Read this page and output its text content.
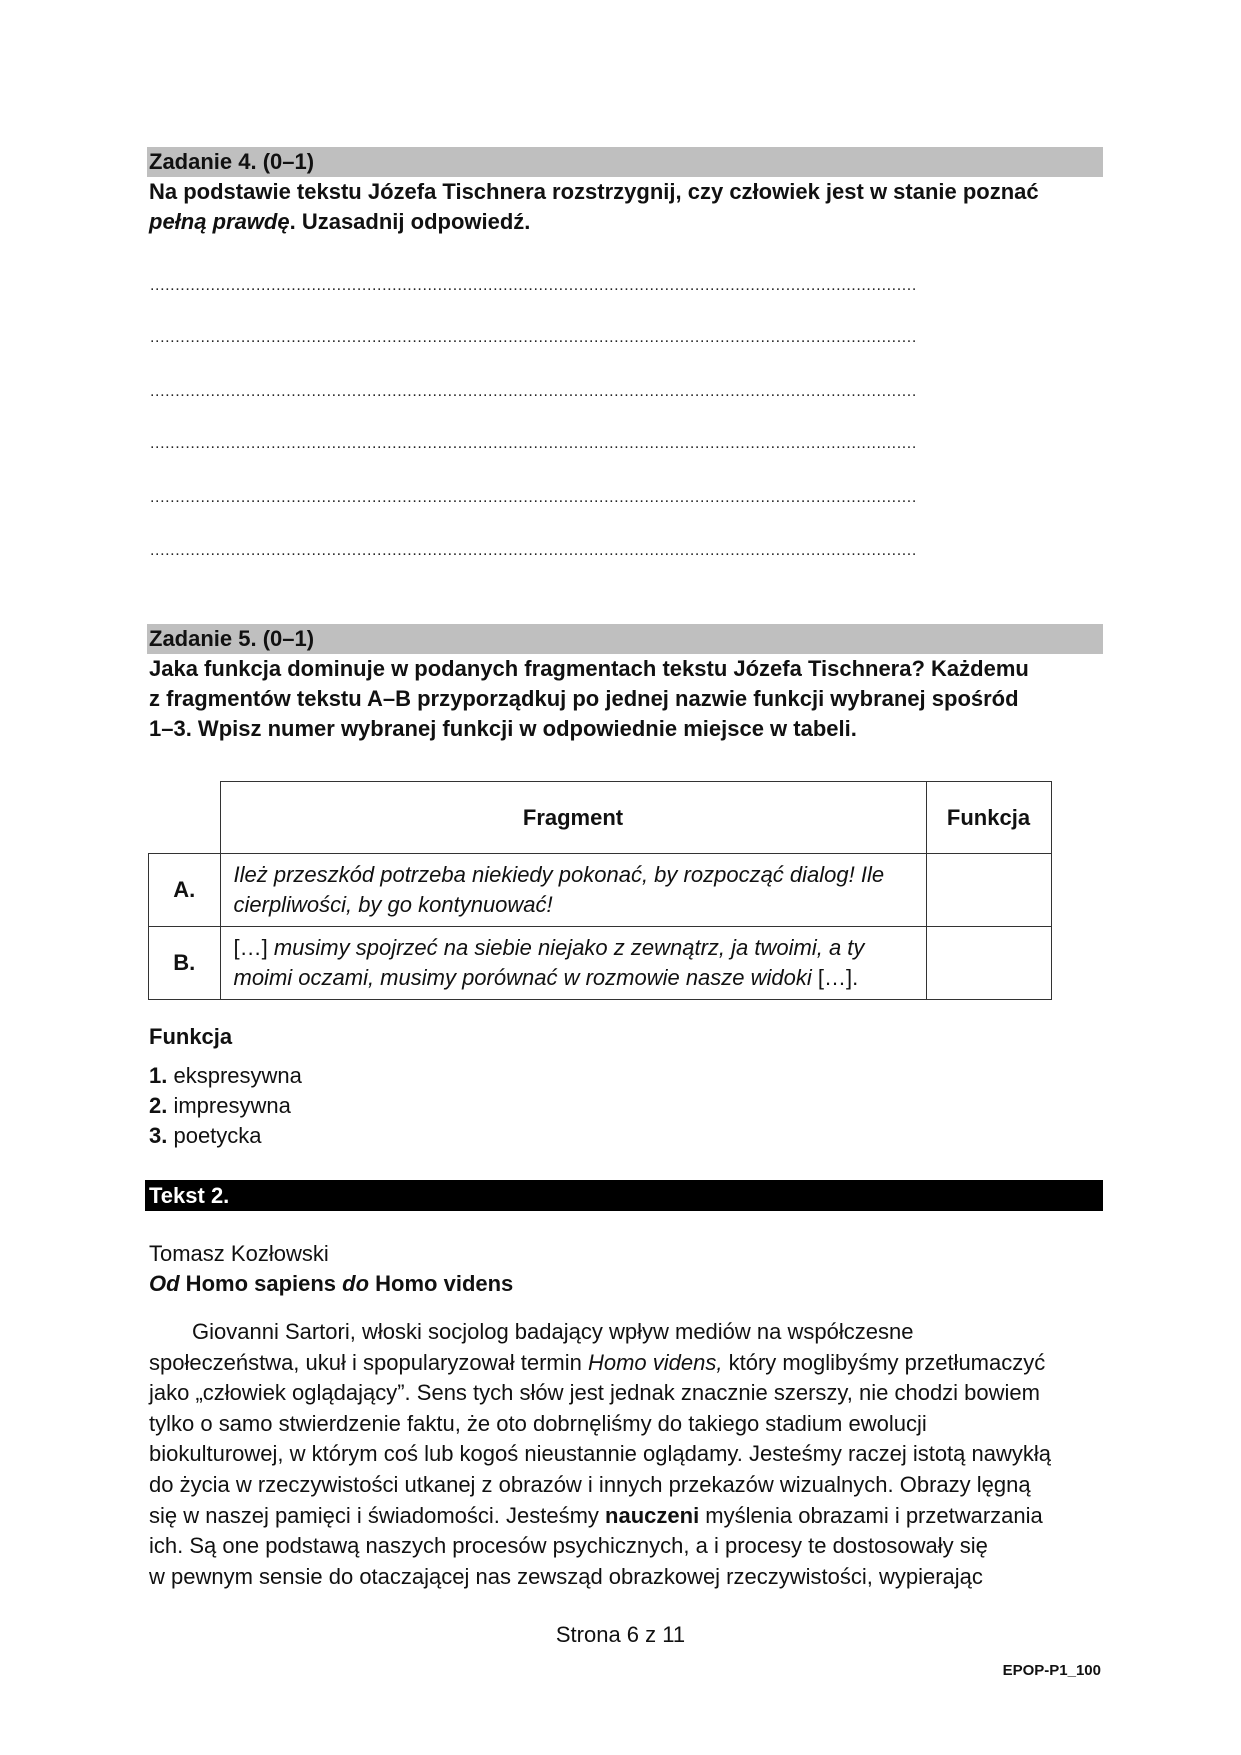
Zadanie 4. (0–1)
Na podstawie tekstu Józefa Tischnera rozstrzygnij, czy człowiek jest w stanie poznać
pełną prawdę. Uzasadnij odpowiedź.
........................................................................................................................................................
........................................................................................................................................................
........................................................................................................................................................
........................................................................................................................................................
........................................................................................................................................................
........................................................................................................................................................
Zadanie 5. (0–1)
Jaka funkcja dominuje w podanych fragmentach tekstu Józefa Tischnera? Każdemu
z fragmentów tekstu A–B przyporządkuj po jednej nazwie funkcji wybranej spośród
1–3. Wpisz numer wybranej funkcji w odpowiednie miejsce w tabeli.
	Fragment	Funkcja
A.	Ileż przeszkód potrzeba niekiedy pokonać, by rozpocząć dialog! Ile
cierpliwości, by go kontynuować!	

B.	[…] musimy spojrzeć na siebie niejako z zewnątrz, ja twoimi, a ty
moimi oczami, musimy porównać w rozmowie nasze widoki […].	

Funkcja
1. ekspresywna
2. impresywna
3. poetycka
Tekst 2.
Tomasz Kozłowski
Od Homo sapiens do Homo videns
Giovanni Sartori, włoski socjolog badający wpływ mediów na współczesne
społeczeństwa, ukuł i spopularyzował termin Homo videns, który moglibyśmy przetłumaczyć
jako „człowiek oglądający”. Sens tych słów jest jednak znacznie szerszy, nie chodzi bowiem
tylko o samo stwierdzenie faktu, że oto dobrnęliśmy do takiego stadium ewolucji
biokulturowej, w którym coś lub kogoś nieustannie oglądamy. Jesteśmy raczej istotą nawykłą
do życia w rzeczywistości utkanej z obrazów i innych przekazów wizualnych. Obrazy lęgną
się w naszej pamięci i świadomości. Jesteśmy nauczeni myślenia obrazami i przetwarzania
ich. Są one podstawą naszych procesów psychicznych, a i procesy te dostosowały się
w pewnym sensie do otaczającej nas zewsząd obrazkowej rzeczywistości, wypierając
Strona 6 z 11
EPOP-P1_100
